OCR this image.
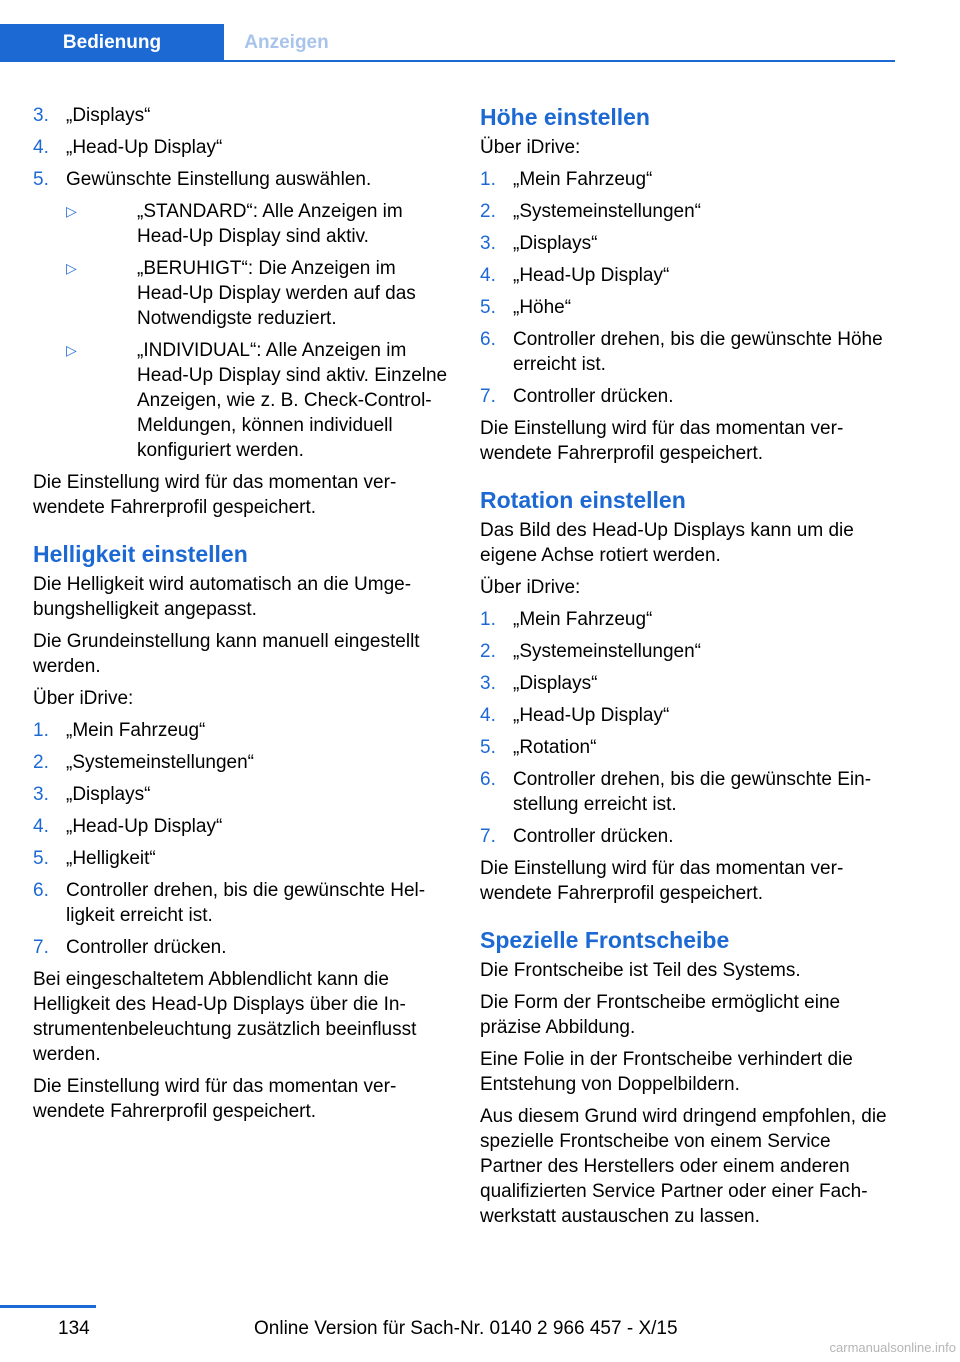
Bedienung	Anzeigen
3. „Displays“
4. „Head-Up Display“
5. Gewünschte Einstellung auswählen.
▷	„STANDARD“: Alle Anzeigen im Head-Up Display sind aktiv.
▷	„BERUHIGT“: Die Anzeigen im Head-Up Display werden auf das Notwendigste reduziert.
▷	„INDIVIDUAL“: Alle Anzeigen im Head-Up Display sind aktiv. Einzelne Anzeigen, wie z. B. Check-Control-Meldungen, können individuell konfiguriert werden.

Die Einstellung wird für das momentan verwendete Fahrerprofil gespeichert.

Helligkeit einstellen

Die Helligkeit wird automatisch an die Umgebungshelligkeit angepasst.

Die Grundeinstellung kann manuell eingestellt werden.

Über iDrive:

1. „Mein Fahrzeug“
2. „Systemeinstellungen“
3. „Displays“
4. „Head-Up Display“
5. „Helligkeit“
6. Controller drehen, bis die gewünschte Helligkeit erreicht ist.
7. Controller drücken.

Bei eingeschaltetem Abblendlicht kann die Helligkeit des Head-Up Displays über die Instrumentenbeleuchtung zusätzlich beeinflusst werden.

Die Einstellung wird für das momentan verwendete Fahrerprofil gespeichert.

Höhe einstellen

Über iDrive:

1. „Mein Fahrzeug“
2. „Systemeinstellungen“
3. „Displays“
4. „Head-Up Display“
5. „Höhe“
6. Controller drehen, bis die gewünschte Höhe erreicht ist.
7. Controller drücken.

Die Einstellung wird für das momentan verwendete Fahrerprofil gespeichert.

Rotation einstellen

Das Bild des Head-Up Displays kann um die eigene Achse rotiert werden.

Über iDrive:

1. „Mein Fahrzeug“
2. „Systemeinstellungen“
3. „Displays“
4. „Head-Up Display“
5. „Rotation“
6. Controller drehen, bis die gewünschte Einstellung erreicht ist.
7. Controller drücken.

Die Einstellung wird für das momentan verwendete Fahrerprofil gespeichert.

Spezielle Frontscheibe

Die Frontscheibe ist Teil des Systems.

Die Form der Frontscheibe ermöglicht eine präzise Abbildung.

Eine Folie in der Frontscheibe verhindert die Entstehung von Doppelbildern.

Aus diesem Grund wird dringend empfohlen, die spezielle Frontscheibe von einem Service Partner des Herstellers oder einem anderen qualifizierten Service Partner oder einer Fachwerkstatt austauschen zu lassen.

134	Online Version für Sach-Nr. 0140 2 966 457 - X/15
carmanualsonline.info
